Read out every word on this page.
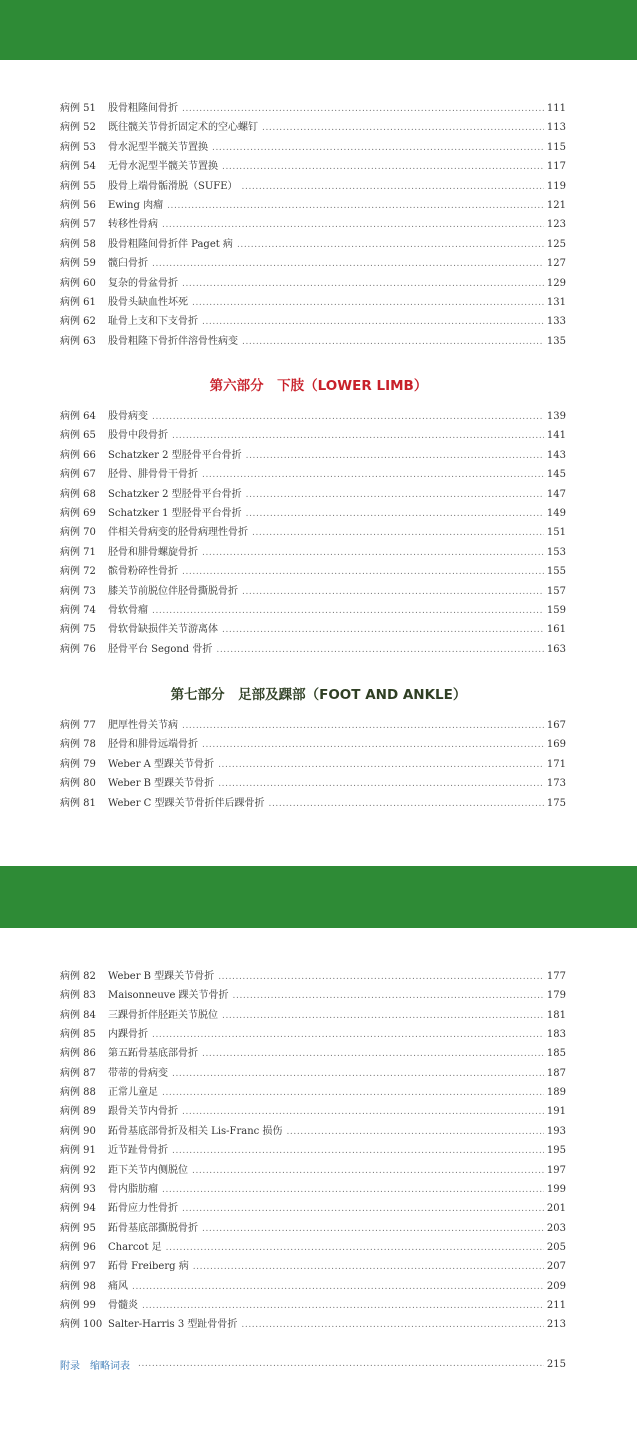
病例 51	股骨粗隆间骨折 .....	111
病例 52	既往髋关节骨折固定术的空心螺钉 .....	113
病例 53	骨水泥型半髋关节置换 .....	115
病例 54	无骨水泥型半髋关节置换 .....	117
病例 55	股骨上端骨骺滑脱（SUFE） .....	119
病例 56	Ewing 肉瘤 .....	121
病例 57	转移性骨病 .....	123
病例 58	股骨粗隆间骨折伴 Paget 病 .....	125
病例 59	髋臼骨折 .....	127
病例 60	复杂的骨盆骨折 .....	129
病例 61	股骨头缺血性坏死 .....	131
病例 62	耻骨上支和下支骨折 .....	133
病例 63	股骨粗隆下骨折伴溶骨性病变 .....	135
第六部分　下肢（LOWER LIMB）
病例 64	股骨病变 .....	139
病例 65	股骨中段骨折 .....	141
病例 66	Schatzker 2 型胫骨平台骨折 .....	143
病例 67	胫骨、腓骨骨干骨折 .....	145
病例 68	Schatzker 2 型胫骨平台骨折 .....	147
病例 69	Schatzker 1 型胫骨平台骨折 .....	149
病例 70	伴相关骨病变的胫骨病理性骨折 .....	151
病例 71	胫骨和腓骨螺旋骨折 .....	153
病例 72	髌骨粉碎性骨折 .....	155
病例 73	膝关节前脱位伴胫骨撕脱骨折 .....	157
病例 74	骨软骨瘤 .....	159
病例 75	骨软骨缺损伴关节游离体 .....	161
病例 76	胫骨平台 Segond 骨折 .....	163
第七部分　足部及踝部（FOOT AND ANKLE）
病例 77	肥厚性骨关节病 .....	167
病例 78	胫骨和腓骨远端骨折 .....	169
病例 79	Weber A 型踝关节骨折 .....	171
病例 80	Weber B 型踝关节骨折 .....	173
病例 81	Weber C 型踝关节骨折伴后踝骨折 .....	175
病例 82	Weber B 型踝关节骨折 .....	177
病例 83	Maisonneuve 踝关节骨折 .....	179
病例 84	三踝骨折伴胫距关节脱位 .....	181
病例 85	内踝骨折 .....	183
病例 86	第五跖骨基底部骨折 .....	185
病例 87	带蒂的骨病变 .....	187
病例 88	正常儿童足 .....	189
病例 89	跟骨关节内骨折 .....	191
病例 90	跖骨基底部骨折及相关 Lis-Franc 损伤 .....	193
病例 91	近节趾骨骨折 .....	195
病例 92	距下关节内侧脱位 .....	197
病例 93	骨内脂肪瘤 .....	199
病例 94	跖骨应力性骨折 .....	201
病例 95	跖骨基底部撕脱骨折 .....	203
病例 96	Charcot 足 .....	205
病例 97	跖骨 Freiberg 病 .....	207
病例 98	痛风 .....	209
病例 99	骨髓炎 .....	211
病例 100 Salter-Harris 3 型趾骨骨折 .....	213
附录　缩略词表 .....	215
